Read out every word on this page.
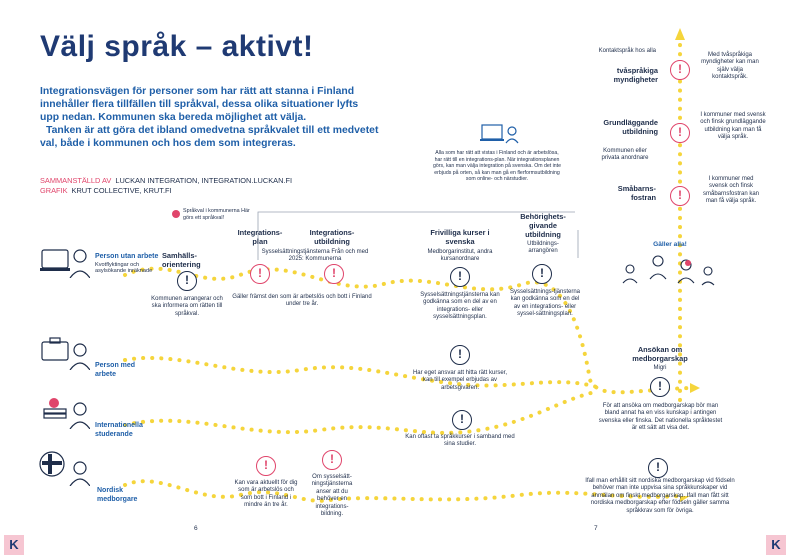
Välj språk – aktivt!
Integrationsvägen för personer som har rätt att stanna i Finland innehåller flera tillfällen till språkval, dessa olika situationer lyfts upp nedan. Kommunen ska bereda möjlighet att välja.
Tanken är att göra det ibland omedvetna språkvalet till ett medvetet val, både i kommunen och hos dem som integreras.
SAMMANSTÄLLD AV LUCKAN INTEGRATION, INTEGRATION.LUCKAN.FI
GRAFIK KRUT COLLECTIVE, KRUT.FI
Språkval i kommunerna Här görs ett språkval!
Person utan arbete
Kvotflyktingar och asylsökande inräknade
Person med arbete
Internationella studerande
Nordisk medborgare
Samhälls-orientering
!
Kommunen arrangerar och ska informera om rätten till språkval.
Integrations-plan
Integrations-utbildning
Sysselsättningstjänsterna Från och med 2025: Kommunerna
!	!
Gäller främst den som är arbetslös och bott i Finland under tre år.
Frivilliga kurser i svenska
Medborgarinstitut, andra kursanordnare
!
Sysselsättningstjänsterna kan godkänna som en del av en integrations- eller sysselsättningsplan.
Behörighets-givande utbildning
Utbildnings-arrangören
!
Sysselsättnings-tjänsterna kan godkänna som en del av en integrations- eller syssel-sättningsplan.
Alla som har rätt att vistas i Finland och är arbetslösa, har rätt till en integrations-plan. När integrationsplanen görs, kan man välja integration på svenska. Om det inte erbjuds på orten, så kan man gå en flerformsutbildning som online- och närstudier.
!
Har eget ansvar att hitta rätt kurser, kan till exempel erbjudas av arbetsgivaren.
!
Kan oftast ta språkkurser i samband med sina studier.
!
Kan vara aktuellt för dig som är arbetslös och som bott i Finland i mindre än tre år.
!
Om sysselsätt-ningstjänsterna anser att du behöver en integrations-bildning.
Ansökan om medborgarskap
Migri
!
För att ansöka om medborgarskap bör man bland annat ha en viss kunskap i antingen svenska eller finska. Det nationella språktestet är ett sätt att visa det.
!
Ifall man erhållit sitt nordiska medborgarskap vid födseln behöver man inte uppvisa sina språkkunskaper vid anmälan om finskt medborgarskap. Ifall man fått sitt nordiska medborgarskap efter födseln gäller samma språkkrav som för övriga.
Kontaktspråk hos alla
tvåspråkiga myndigheter
!
Med tvåspråkiga myndigheter kan man själv välja kontaktspråk.
Grundläggande utbildning
Kommunen eller privata anordnare
!
I kommuner med svensk och finsk grundläggande utbildning kan man få välja språk.
Småbarns-fostran	!
I kommuner med svensk och finsk småbarnsfostran kan man få välja språk.
Gäller alla!
6	7
K	K
